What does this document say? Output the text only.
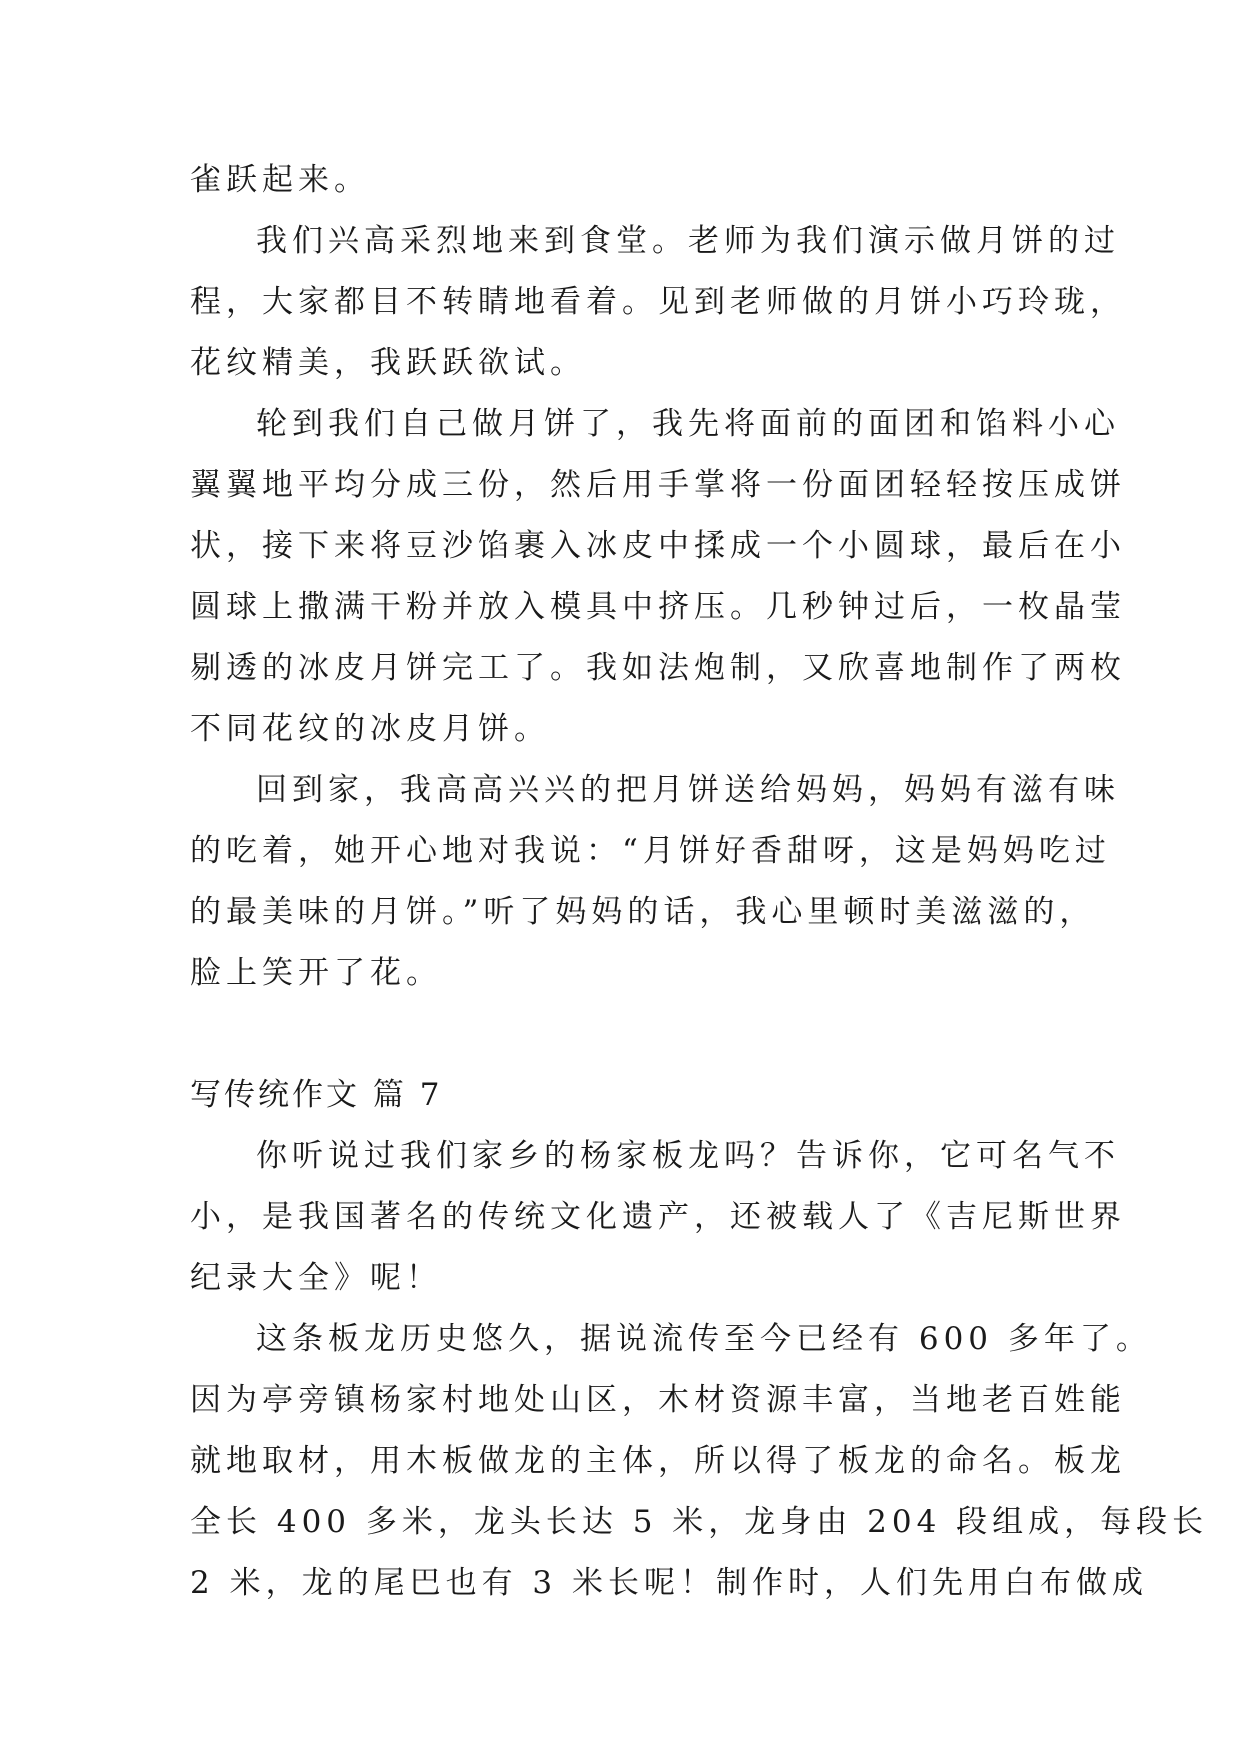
雀跃起来。
我们兴高采烈地来到食堂。老师为我们演示做月饼的过
程，大家都目不转睛地看着。见到老师做的月饼小巧玲珑，
花纹精美，我跃跃欲试。
轮到我们自己做月饼了，我先将面前的面团和馅料小心
翼翼地平均分成三份，然后用手掌将一份面团轻轻按压成饼
状，接下来将豆沙馅裹入冰皮中揉成一个小圆球，最后在小
圆球上撒满干粉并放入模具中挤压。几秒钟过后，一枚晶莹
剔透的冰皮月饼完工了。我如法炮制，又欣喜地制作了两枚
不同花纹的冰皮月饼。
回到家，我高高兴兴的把月饼送给妈妈，妈妈有滋有味
的吃着，她开心地对我说：“月饼好香甜呀，这是妈妈吃过
的最美味的月饼。”听了妈妈的话，我心里顿时美滋滋的，
脸上笑开了花。
写传统作文 篇 7
你听说过我们家乡的杨家板龙吗？告诉你，它可名气不
小，是我国著名的传统文化遗产，还被载人了《吉尼斯世界
纪录大全》呢！
这条板龙历史悠久，据说流传至今已经有 600 多年了。
因为亭旁镇杨家村地处山区，木材资源丰富，当地老百姓能
就地取材，用木板做龙的主体，所以得了板龙的命名。板龙
全长 400 多米，龙头长达 5 米，龙身由 204 段组成，每段长
2 米，龙的尾巴也有 3 米长呢！制作时，人们先用白布做成
